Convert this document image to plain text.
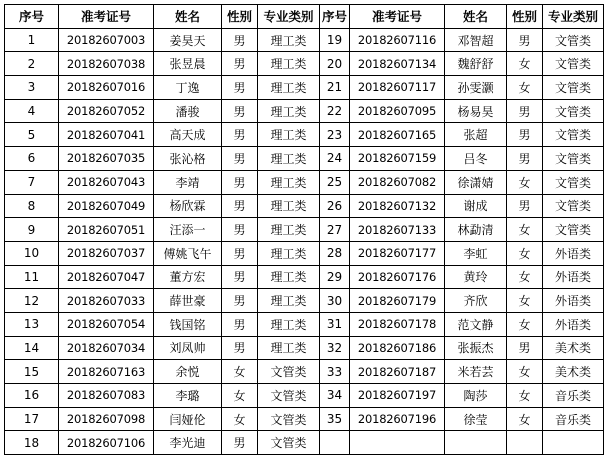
序号	准考证号	姓名	性别	专业类别	序号	准考证号	姓名	性别	专业类别
1	20182607003	姜昊天	男	理工类	19	20182607116	邓智超	男	文管类
2	20182607038	张昱晨	男	理工类	20	20182607134	魏舒舒	女	文管类
3	20182607016	丁逸	男	理工类	21	20182607117	孙雯灏	女	文管类
4	20182607052	潘骏	男	理工类	22	20182607095	杨易昊	男	文管类
5	20182607041	高天成	男	理工类	23	20182607165	张超	男	文管类
6	20182607035	张沁格	男	理工类	24	20182607159	吕冬	男	文管类
7	20182607043	李靖	男	理工类	25	20182607082	徐潇婧	女	文管类
8	20182607049	杨欣霖	男	理工类	26	20182607132	谢成	男	文管类
9	20182607051	汪添一	男	理工类	27	20182607133	林勐清	女	文管类
10	20182607037	傅姚飞午	男	理工类	28	20182607177	李虹	女	外语类
11	20182607047	董方宏	男	理工类	29	20182607176	黄玲	女	外语类
12	20182607033	薛世豪	男	理工类	30	20182607179	齐欣	女	外语类
13	20182607054	钱国铭	男	理工类	31	20182607178	范文静	女	外语类
14	20182607034	刘凤帅	男	理工类	32	20182607186	张振杰	男	美术类
15	20182607163	余悦	女	文管类	33	20182607187	米若芸	女	美术类
16	20182607083	李璐	女	文管类	34	20182607197	陶莎	女	音乐类
17	20182607098	闫娅伦	女	文管类	35	20182607196	徐莹	女	音乐类
18	20182607106	李光迪	男	文管类					
